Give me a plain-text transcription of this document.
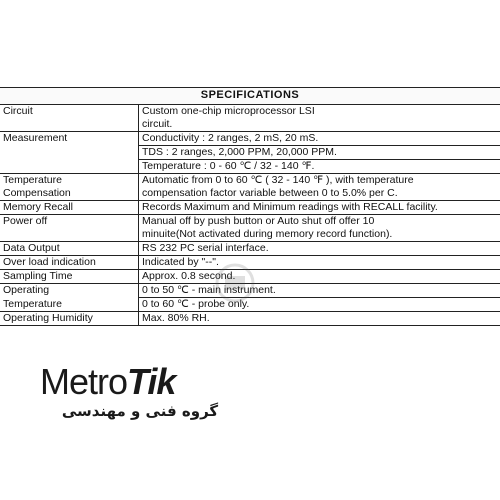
SPECIFICATIONS	
Circuit	Custom one-chip microprocessor LSI
	circuit.
Measurement	Conductivity : 2 ranges, 2 mS, 20 mS.
	TDS : 2 ranges, 2,000 PPM, 20,000 PPM.
	Temperature : 0 - 60 ℃ / 32 - 140 ℉.
Temperature	Automatic from 0 to 60 ℃ ( 32 - 140 ℉ ), with temperature
Compensation	compensation factor variable between 0 to 5.0% per C.
Memory Recall	Records Maximum and Minimum readings with RECALL facility.
Power off	Manual off by push button or Auto shut off offer 10
	minuite(Not activated during memory record function).
Data Output	RS 232 PC serial interface.
Over load indication	Indicated by "--".
Sampling Time	Approx. 0.8 second.
Operating	0 to 50 ℃ - main instrument.
Temperature	0 to 60 ℃ - probe only.
Operating Humidity	Max. 80% RH.
MetroTik
گروه فنی و مهندسی
